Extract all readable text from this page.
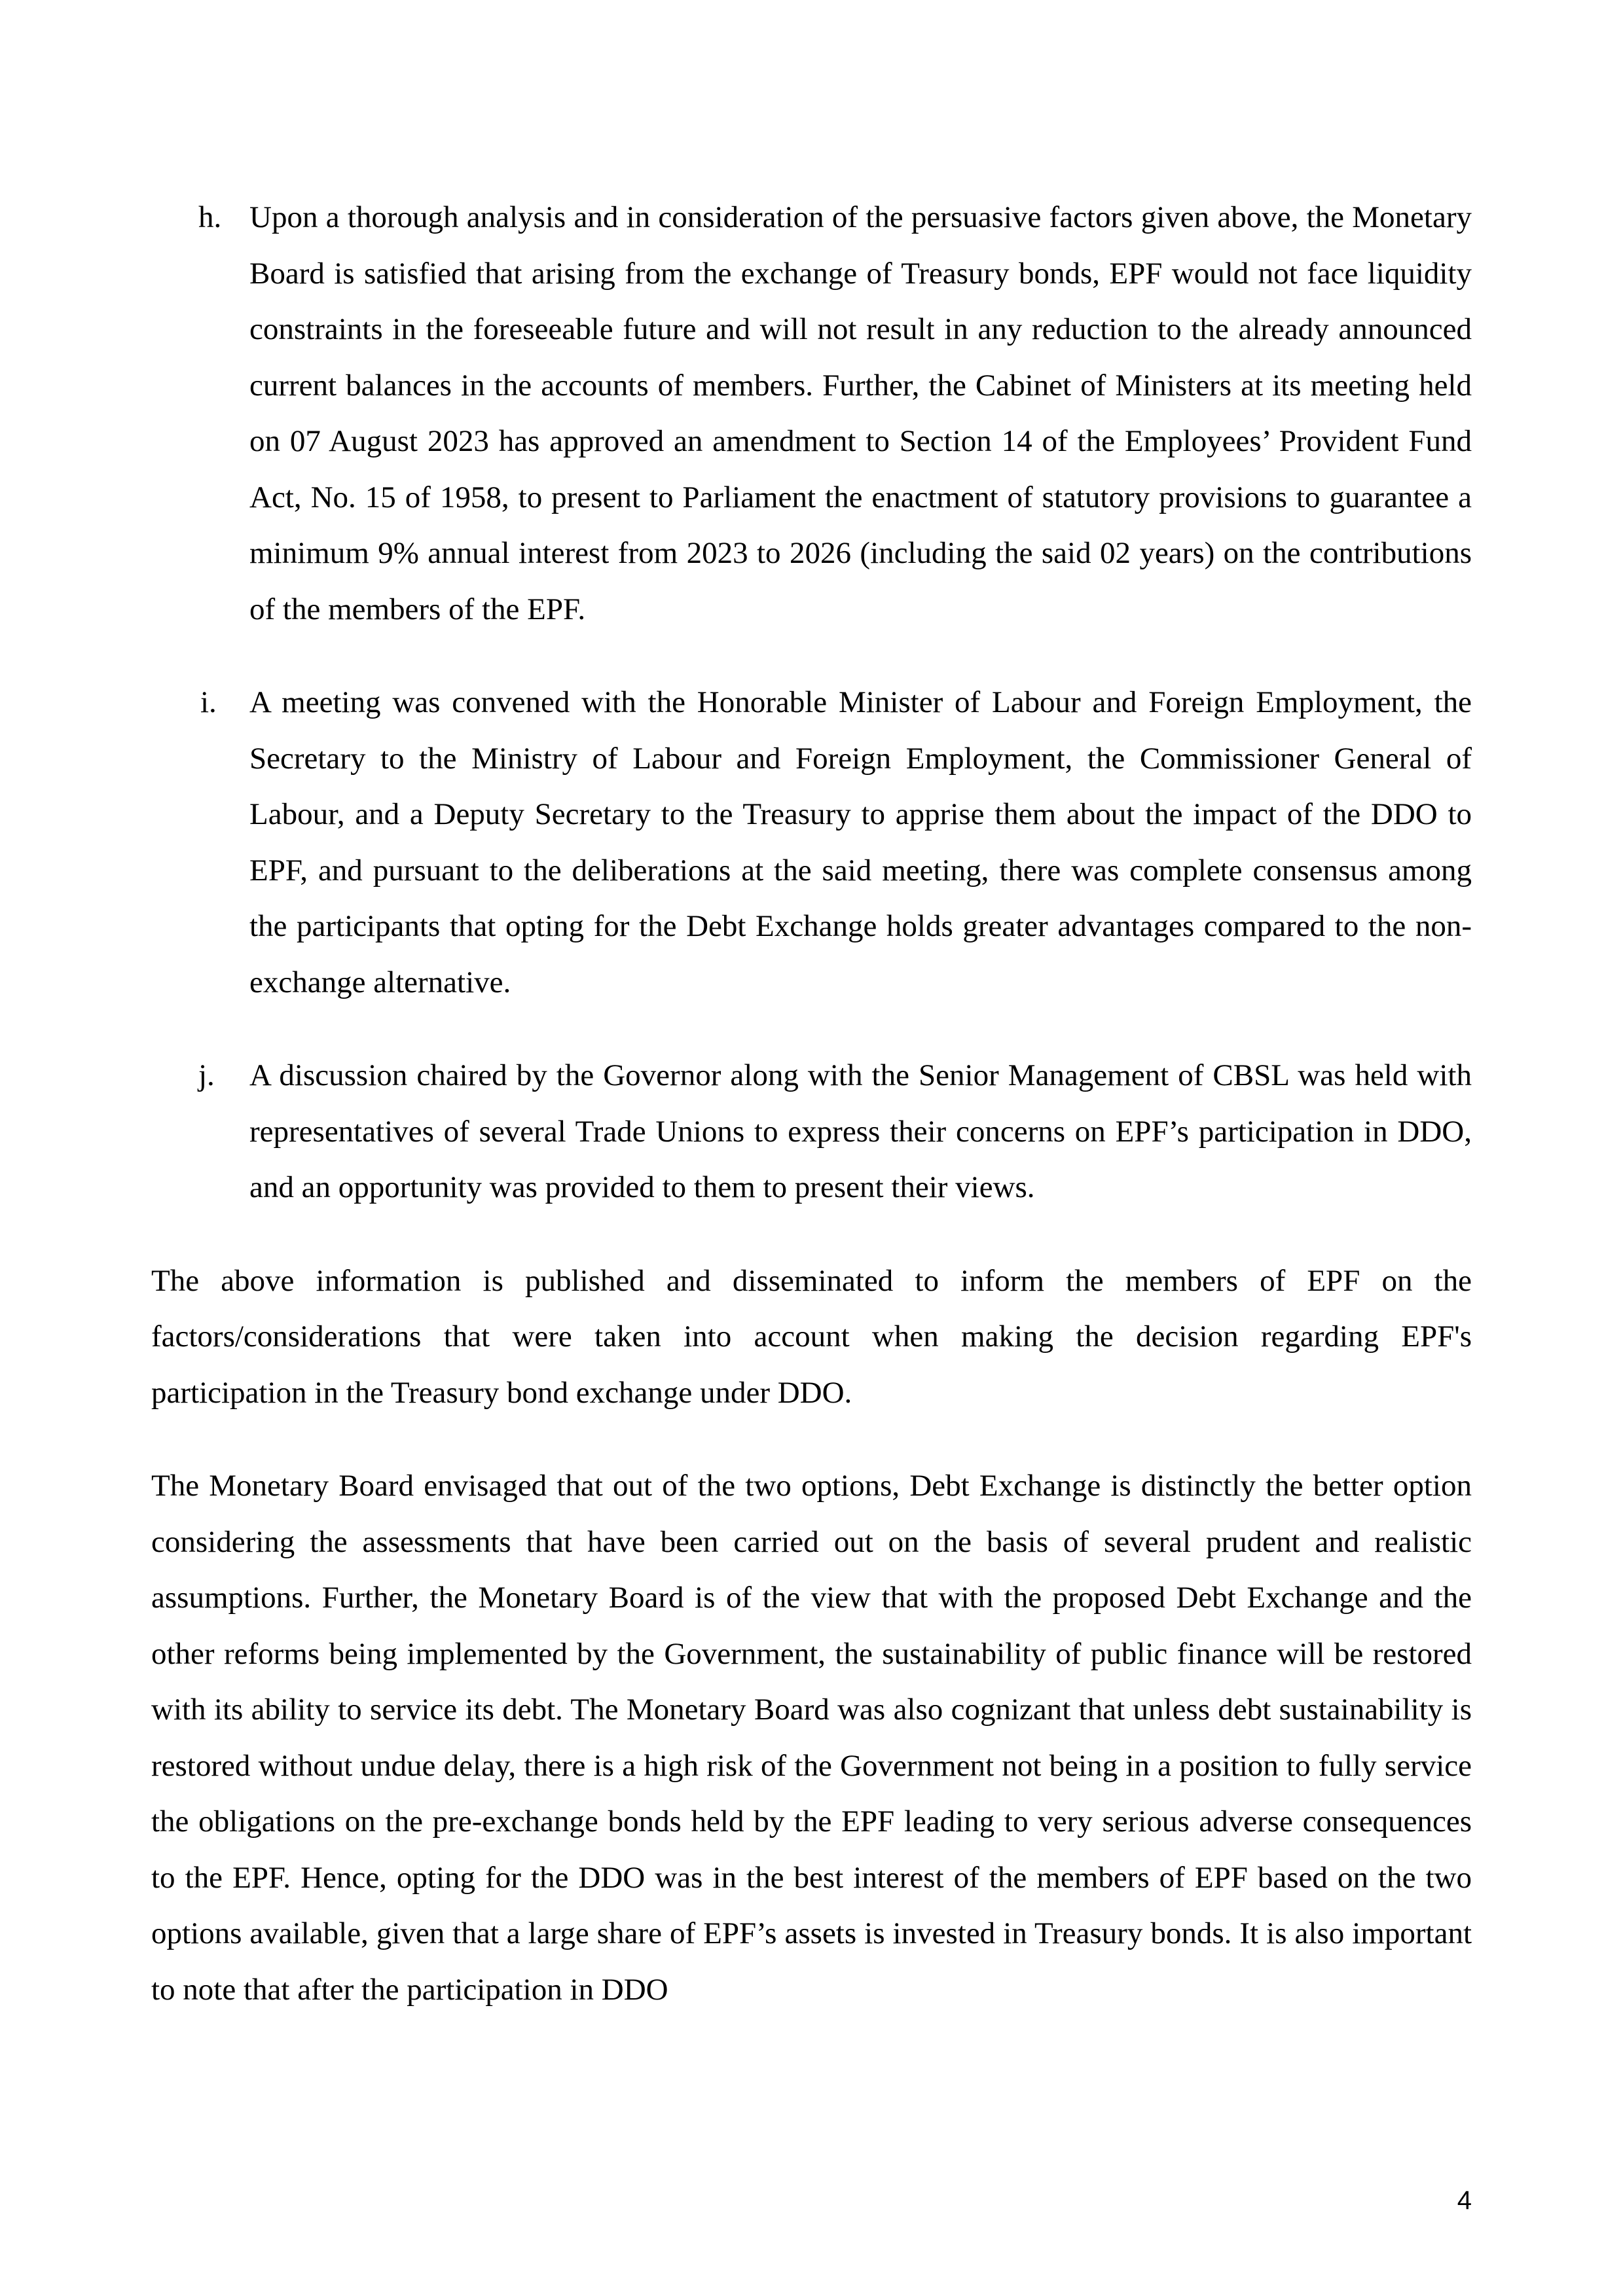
h. Upon a thorough analysis and in consideration of the persuasive factors given above, the Monetary Board is satisfied that arising from the exchange of Treasury bonds, EPF would not face liquidity constraints in the foreseeable future and will not result in any reduction to the already announced current balances in the accounts of members. Further, the Cabinet of Ministers at its meeting held on 07 August 2023 has approved an amendment to Section 14 of the Employees’ Provident Fund Act, No. 15 of 1958, to present to Parliament the enactment of statutory provisions to guarantee a minimum 9% annual interest from 2023 to 2026 (including the said 02 years) on the contributions of the members of the EPF.

i. A meeting was convened with the Honorable Minister of Labour and Foreign Employment, the Secretary to the Ministry of Labour and Foreign Employment, the Commissioner General of Labour, and a Deputy Secretary to the Treasury to apprise them about the impact of the DDO to EPF, and pursuant to the deliberations at the said meeting, there was complete consensus among the participants that opting for the Debt Exchange holds greater advantages compared to the non-exchange alternative.

j. A discussion chaired by the Governor along with the Senior Management of CBSL was held with representatives of several Trade Unions to express their concerns on EPF’s participation in DDO, and an opportunity was provided to them to present their views.

The above information is published and disseminated to inform the members of EPF on the factors/considerations that were taken into account when making the decision regarding EPF's participation in the Treasury bond exchange under DDO.

The Monetary Board envisaged that out of the two options, Debt Exchange is distinctly the better option considering the assessments that have been carried out on the basis of several prudent and realistic assumptions. Further, the Monetary Board is of the view that with the proposed Debt Exchange and the other reforms being implemented by the Government, the sustainability of public finance will be restored with its ability to service its debt. The Monetary Board was also cognizant that unless debt sustainability is restored without undue delay, there is a high risk of the Government not being in a position to fully service the obligations on the pre-exchange bonds held by the EPF leading to very serious adverse consequences to the EPF. Hence, opting for the DDO was in the best interest of the members of EPF based on the two options available, given that a large share of EPF’s assets is invested in Treasury bonds. It is also important to note that after the participation in DDO

4
